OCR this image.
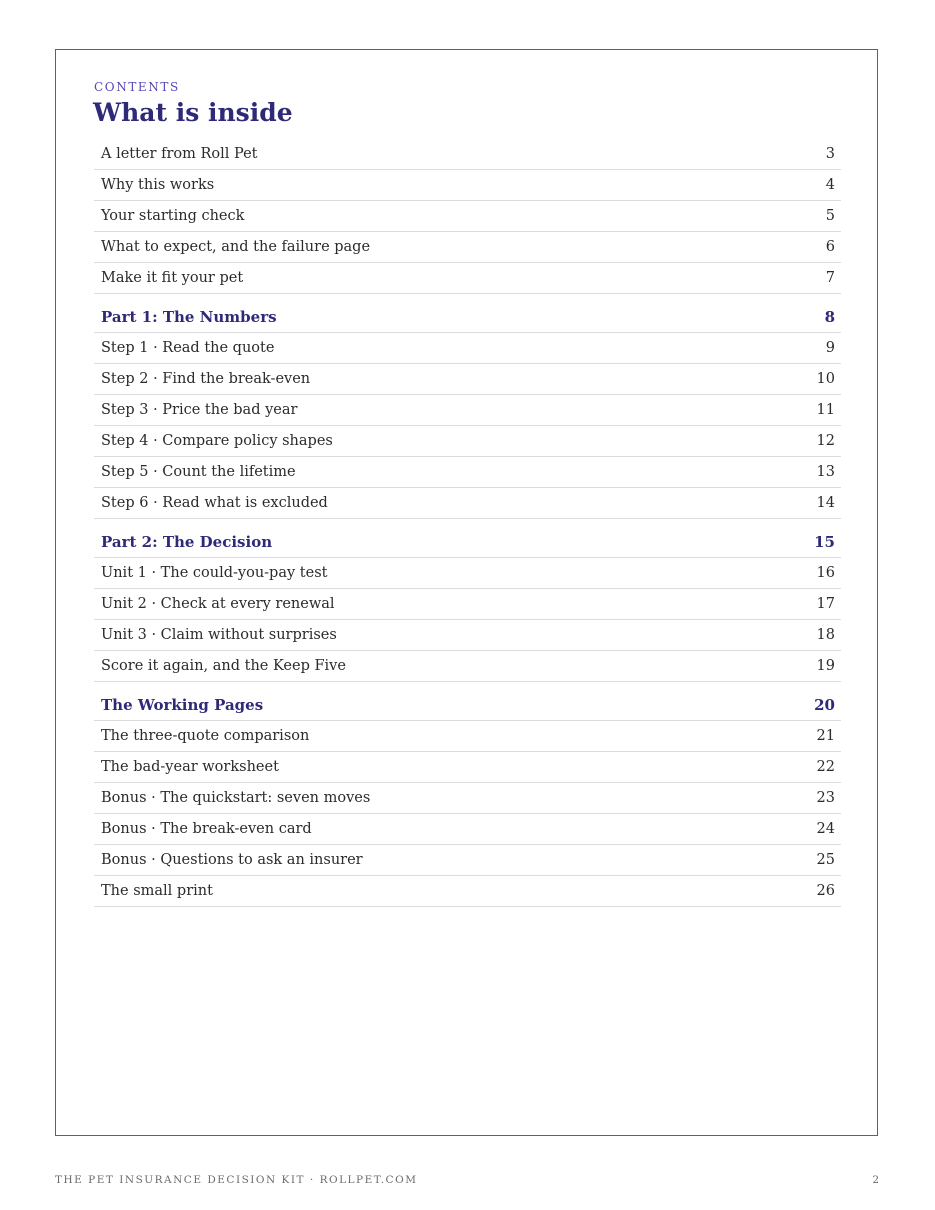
CONTENTS
What is inside
A letter from Roll Pet	3
Why this works	4
Your starting check	5
What to expect, and the failure page	6
Make it fit your pet	7
Part 1: The Numbers	8
Step 1 · Read the quote	9
Step 2 · Find the break-even	10
Step 3 · Price the bad year	11
Step 4 · Compare policy shapes	12
Step 5 · Count the lifetime	13
Step 6 · Read what is excluded	14
Part 2: The Decision	15
Unit 1 · The could-you-pay test	16
Unit 2 · Check at every renewal	17
Unit 3 · Claim without surprises	18
Score it again, and the Keep Five	19
The Working Pages	20
The three-quote comparison	21
The bad-year worksheet	22
Bonus · The quickstart: seven moves	23
Bonus · The break-even card	24
Bonus · Questions to ask an insurer	25
The small print	26
THE PET INSURANCE DECISION KIT · ROLLPET.COM	2
